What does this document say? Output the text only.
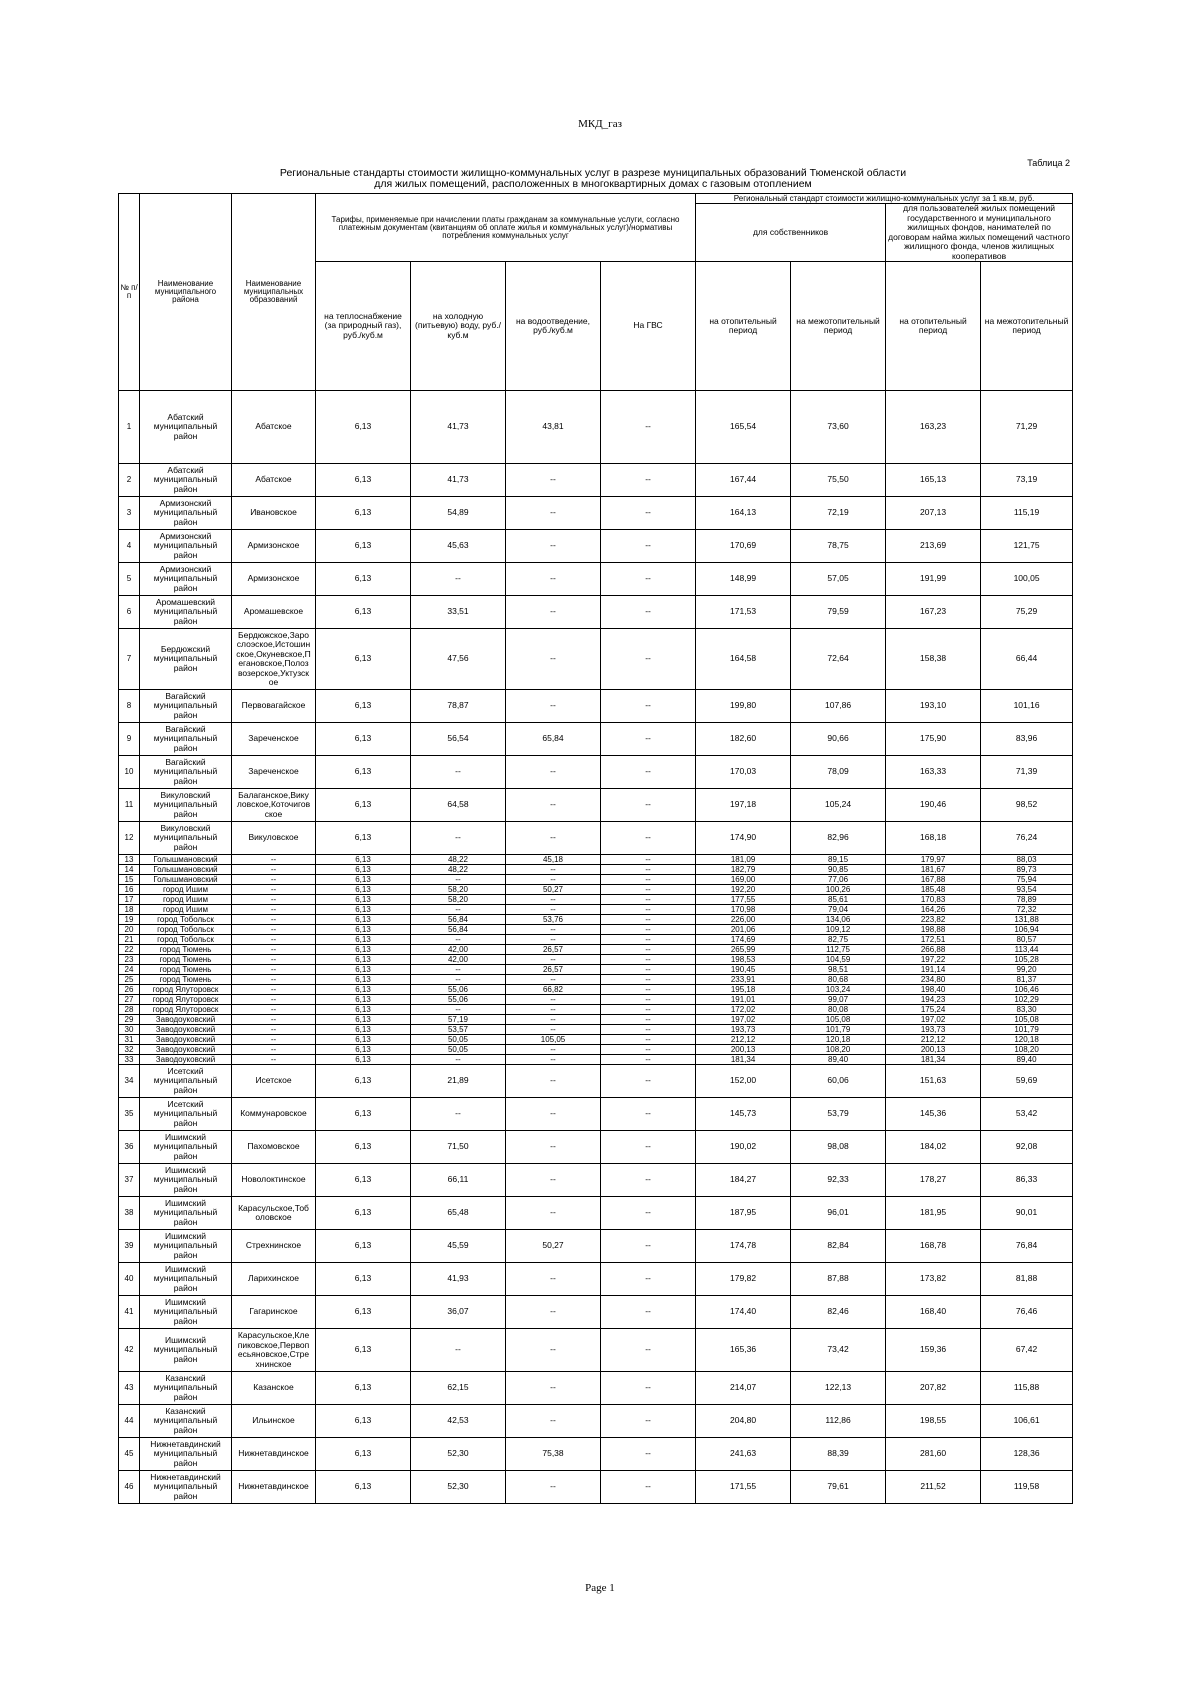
МКД_газ
Таблица 2
Региональные стандарты стоимости жилищно-коммунальных услуг в разрезе муниципальных образований Тюменской области
для жилых помещений, расположенных в многоквартирных домах с газовым отоплением
№ п/п	Наименование муниципального района	Наименование муниципальных образований	Тарифы, применяемые при начислении платы гражданам за коммунальные услуги, согласно платежным документам (квитанциям об оплате жилья и коммунальных услуг)/нормативы потребления коммунальных услуг				Региональный стандарт стоимости жилищно-коммунальных услуг за 1 кв.м, руб.			
							для собственников		для пользователей жилых помещений государственного и муниципального жилищных фондов, нанимателей по договорам найма жилых помещений частного жилищного фонда, членов жилищных кооперативов	
			на теплоснабжение (за природный газ), руб./куб.м	на холодную (питьевую) воду, руб./куб.м	на водоотведение, руб./куб.м	На ГВС	на отопительный период	на межотопительный период	на отопительный период	на межотопительный период
1	Абатский муниципальный район	Абатское	6,13	41,73	43,81	--	165,54	73,60	163,23	71,29
2	Абатский муниципальный район	Абатское	6,13	41,73	--	--	167,44	75,50	165,13	73,19
3	Армизонский муниципальный район	Ивановское	6,13	54,89	--	--	164,13	72,19	207,13	115,19
4	Армизонский муниципальный район	Армизонское	6,13	45,63	--	--	170,69	78,75	213,69	121,75
5	Армизонский муниципальный район	Армизонское	6,13	--	--	--	148,99	57,05	191,99	100,05
6	Аромашевский муниципальный район	Аромашевское	6,13	33,51	--	--	171,53	79,59	167,23	75,29
7	Бердюжский муниципальный район	Бердюжское,Заро слоэское,Истошин ское,Окуневское,П егановское,Полоз возерское,Уктузск ое	6,13	47,56	--	--	164,58	72,64	158,38	66,44
8	Вагайский муниципальный район	Первовагайское	6,13	78,87	--	--	199,80	107,86	193,10	101,16
9	Вагайский муниципальный район	Зареченское	6,13	56,54	65,84	--	182,60	90,66	175,90	83,96
10	Вагайский муниципальный район	Зареченское	6,13	--	--	--	170,03	78,09	163,33	71,39
11	Викуловский муниципальный район	Балаганское,Вику ловское,Коточигов ское	6,13	64,58	--	--	197,18	105,24	190,46	98,52
12	Викуловский муниципальный район	Викуловское	6,13	--	--	--	174,90	82,96	168,18	76,24
13	Голышмановский	--	6,13	48,22	45,18	--	181,09	89,15	179,97	88,03
14	Голышмановский	--	6,13	48,22	--	--	182,79	90,85	181,67	89,73
15	Голышмановский	--	6,13	--	--	--	169,00	77,06	167,88	75,94
16	город Ишим	--	6,13	58,20	50,27	--	192,20	100,26	185,48	93,54
17	город Ишим	--	6,13	58,20	--	--	177,55	85,61	170,83	78,89
18	город Ишим	--	6,13	--	--	--	170,98	79,04	164,26	72,32
19	город Тобольск	--	6,13	56,84	53,76	--	226,00	134,06	223,82	131,88
20	город Тобольск	--	6,13	56,84	--	--	201,06	109,12	198,88	106,94
21	город Тобольск	--	6,13	--	--	--	174,69	82,75	172,51	80,57
22	город Тюмень	--	6,13	42,00	26,57	--	265,99	112,75	266,88	113,44
23	город Тюмень	--	6,13	42,00	--	--	198,53	104,59	197,22	105,28
24	город Тюмень	--	6,13	--	26,57	--	190,45	98,51	191,14	99,20
25	город Тюмень	--	6,13	--	--	--	233,91	80,68	234,80	81,37
26	город Ялуторовск	--	6,13	55,06	66,82	--	195,18	103,24	198,40	106,46
27	город Ялуторовск	--	6,13	55,06	--	--	191,01	99,07	194,23	102,29
28	город Ялуторовск	--	6,13	--	--	--	172,02	80,08	175,24	83,30
29	Заводоуковский	--	6,13	57,19	--	--	197,02	105,08	197,02	105,08
30	Заводоуковский	--	6,13	53,57	--	--	193,73	101,79	193,73	101,79
31	Заводоуковский	--	6,13	50,05	105,05	--	212,12	120,18	212,12	120,18
32	Заводоуковский	--	6,13	50,05	--	--	200,13	108,20	200,13	108,20
33	Заводоуковский	--	6,13	--	--	--	181,34	89,40	181,34	89,40
34	Исетский муниципальный район	Исетское	6,13	21,89	--	--	152,00	60,06	151,63	59,69
35	Исетский муниципальный район	Коммунаровское	6,13	--	--	--	145,73	53,79	145,36	53,42
36	Ишимский муниципальный район	Пахомовское	6,13	71,50	--	--	190,02	98,08	184,02	92,08
37	Ишимский муниципальный район	Новолоктинское	6,13	66,11	--	--	184,27	92,33	178,27	86,33
38	Ишимский муниципальный район	Карасульское,Тоб оловское	6,13	65,48	--	--	187,95	96,01	181,95	90,01
39	Ишимский муниципальный район	Стрехнинское	6,13	45,59	50,27	--	174,78	82,84	168,78	76,84
40	Ишимский муниципальный район	Ларихинское	6,13	41,93	--	--	179,82	87,88	173,82	81,88
41	Ишимский муниципальный район	Гагаринское	6,13	36,07	--	--	174,40	82,46	168,40	76,46
42	Ишимский муниципальный район	Карасульское,Кле пиковское,Первоп есьяновское,Стре хнинское	6,13	--	--	--	165,36	73,42	159,36	67,42
43	Казанский муниципальный район	Казанское	6,13	62,15	--	--	214,07	122,13	207,82	115,88
44	Казанский муниципальный район	Ильинское	6,13	42,53	--	--	204,80	112,86	198,55	106,61
45	Нижнетавдинский муниципальный район	Нижнетавдинское	6,13	52,30	75,38	--	241,63	88,39	281,60	128,36
46	Нижнетавдинский муниципальный район	Нижнетавдинское	6,13	52,30	--	--	171,55	79,61	211,52	119,58
Page 1
